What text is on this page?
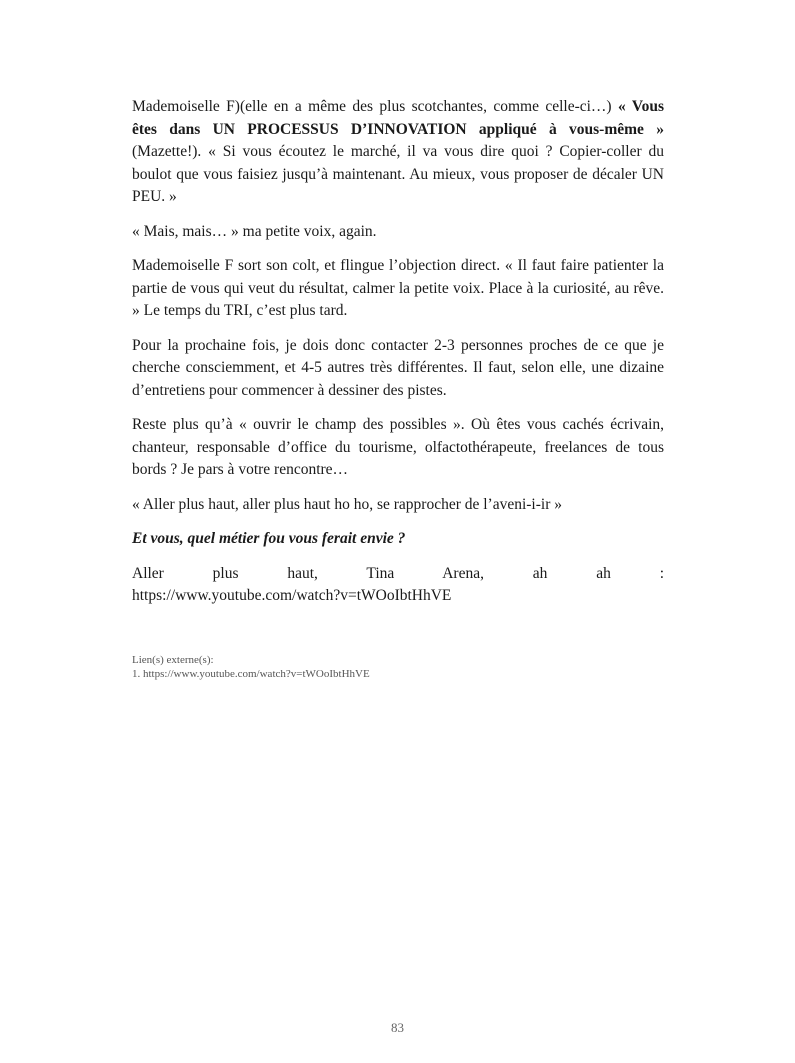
Mademoiselle F)(elle en a même des plus scotchantes, comme celle-ci…) « Vous êtes dans UN PROCESSUS D’INNOVATION appliqué à vous-même » (Mazette!). « Si vous écoutez le marché, il va vous dire quoi ? Copier-coller du boulot que vous faisiez jusqu’à maintenant. Au mieux, vous proposer de décaler UN PEU. »

« Mais, mais… » ma petite voix, again.

Mademoiselle F sort son colt, et flingue l’objection direct. « Il faut faire patienter la partie de vous qui veut du résultat, calmer la petite voix. Place à la curiosité, au rêve. » Le temps du TRI, c’est plus tard.

Pour la prochaine fois, je dois donc contacter 2-3 personnes proches de ce que je cherche consciemment, et 4-5 autres très différentes. Il faut, selon elle, une dizaine d’entretiens pour commencer à dessiner des pistes.

Reste plus qu’à « ouvrir le champ des possibles ». Où êtes vous cachés écrivain, chanteur, responsable d’office du tourisme, olfactothérapeute, freelances de tous bords ? Je pars à votre rencontre…

« Aller plus haut, aller plus haut ho ho, se rapprocher de l’aveni-i-ir »

Et vous, quel métier fou vous ferait envie ?

Aller plus haut, Tina Arena, ah ah :
https://www.youtube.com/watch?v=tWOoIbtHhVE

Lien(s) externe(s):
1. https://www.youtube.com/watch?v=tWOoIbtHhVE
83
